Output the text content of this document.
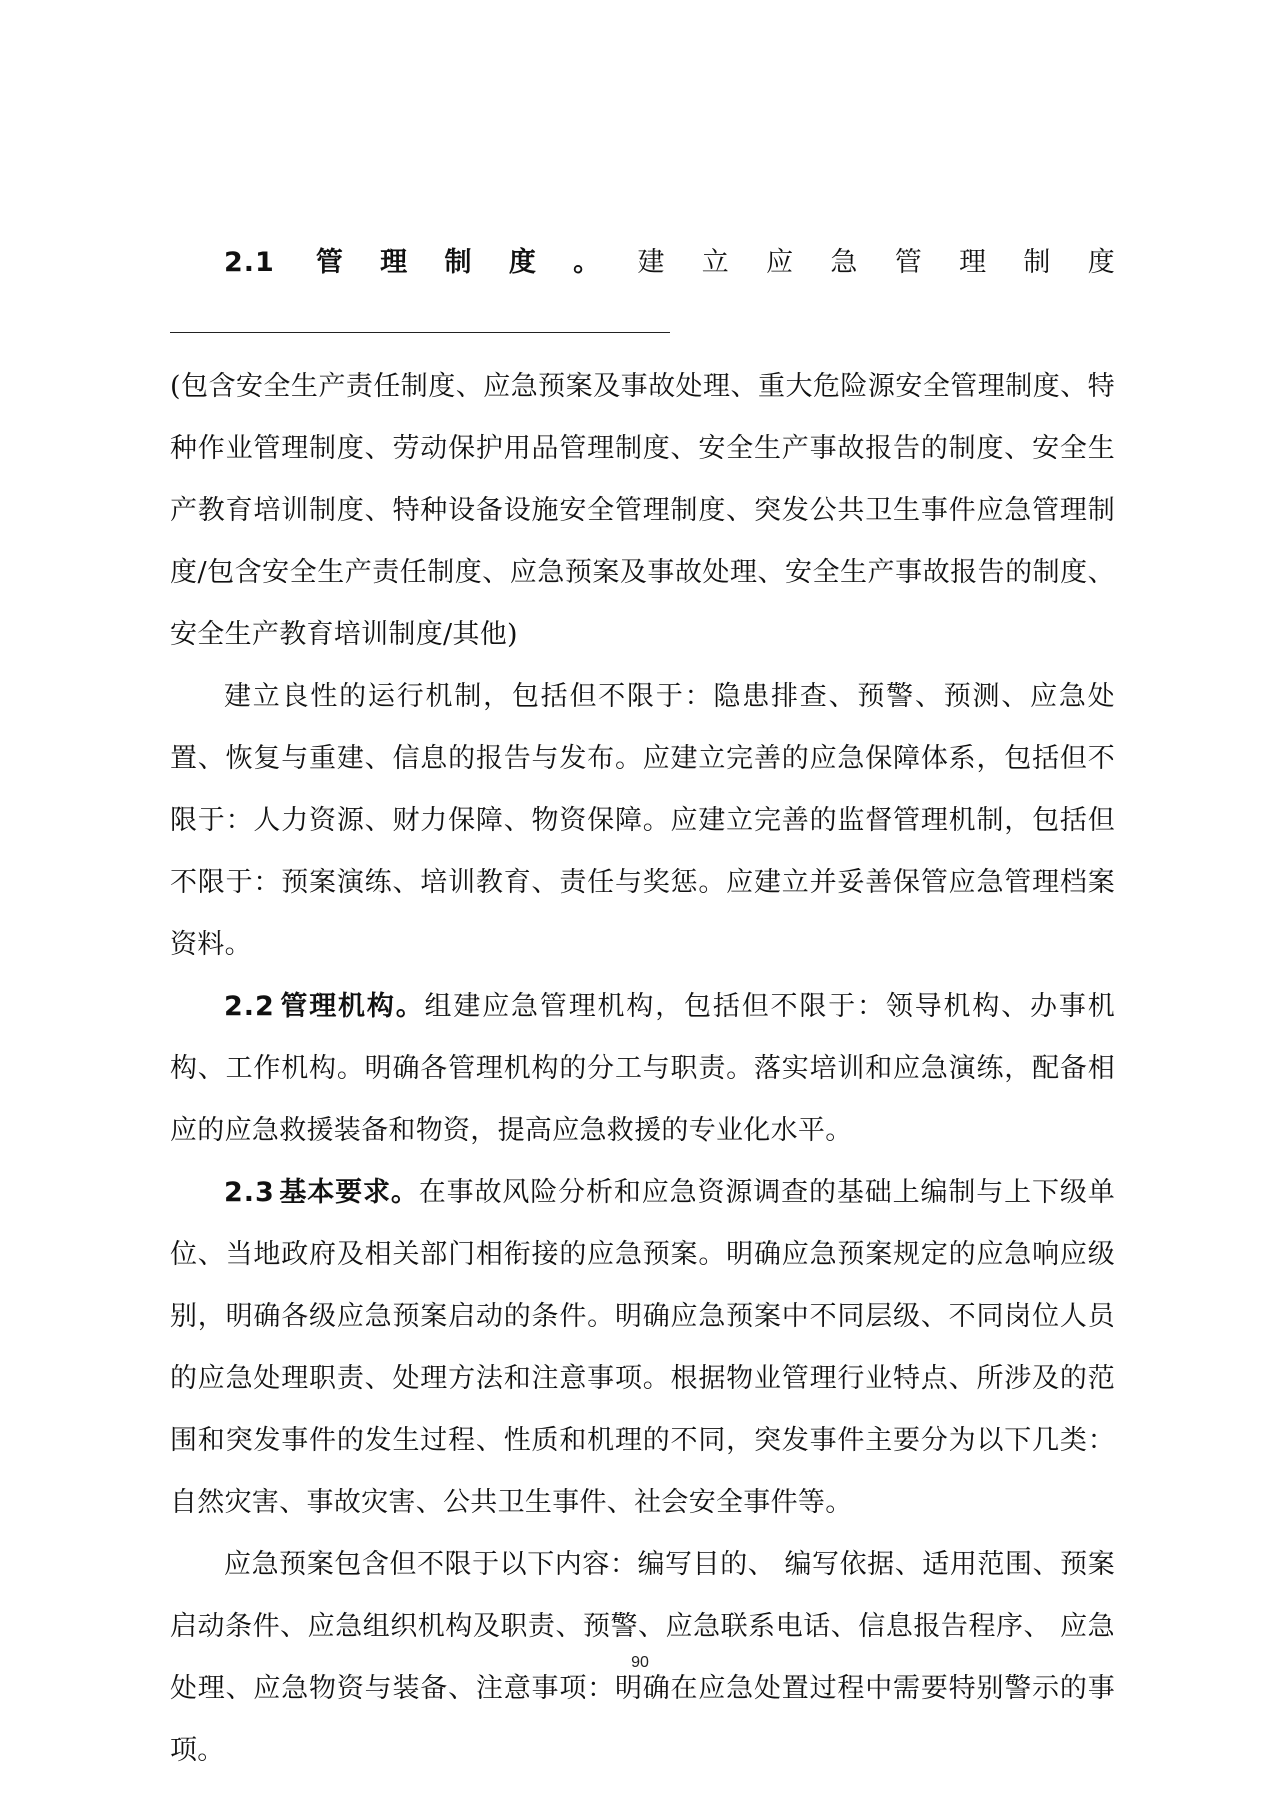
2.1 管理制度。建立应急管理制度

(包含安全生产责任制度、应急预案及事故处理、重大危险源安全管理制度、特种作业管理制度、劳动保护用品管理制度、安全生产事故报告的制度、安全生产教育培训制度、特种设备设施安全管理制度、突发公共卫生事件应急管理制度/包含安全生产责任制度、应急预案及事故处理、安全生产事故报告的制度、安全生产教育培训制度/其他)

建立良性的运行机制，包括但不限于：隐患排查、预警、预测、应急处置、恢复与重建、信息的报告与发布。应建立完善的应急保障体系，包括但不限于：人力资源、财力保障、物资保障。应建立完善的监督管理机制，包括但不限于：预案演练、培训教育、责任与奖惩。应建立并妥善保管应急管理档案资料。

2.2 管理机构。组建应急管理机构，包括但不限于：领导机构、办事机构、工作机构。明确各管理机构的分工与职责。落实培训和应急演练，配备相应的应急救援装备和物资，提高应急救援的专业化水平。

2.3 基本要求。在事故风险分析和应急资源调查的基础上编制与上下级单位、当地政府及相关部门相衔接的应急预案。明确应急预案规定的应急响应级别，明确各级应急预案启动的条件。明确应急预案中不同层级、不同岗位人员的应急处理职责、处理方法和注意事项。根据物业管理行业特点、所涉及的范围和突发事件的发生过程、性质和机理的不同，突发事件主要分为以下几类：自然灾害、事故灾害、公共卫生事件、社会安全事件等。

应急预案包含但不限于以下内容：编写目的、 编写依据、适用范围、预案启动条件、应急组织机构及职责、预警、应急联系电话、信息报告程序、 应急处理、应急物资与装备、注意事项：明确在应急处置过程中需要特别警示的事项。

90
